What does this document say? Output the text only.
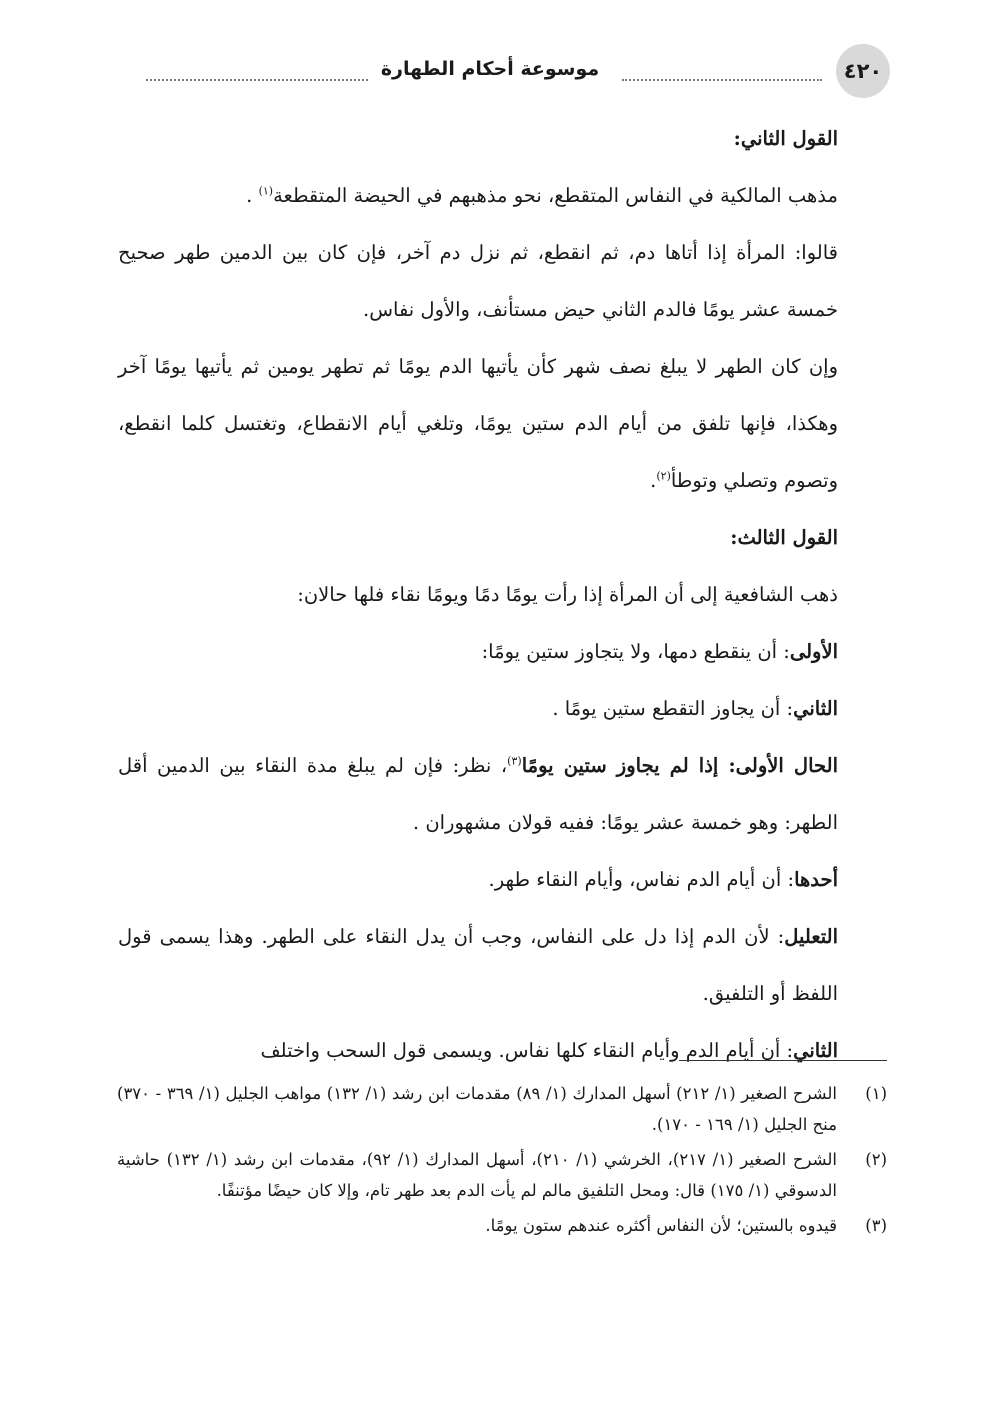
٤٢٠
موسوعة أحكام الطهارة

القول الثاني:

مذهب المالكية في النفاس المتقطع، نحو مذهبهم في الحيضة المتقطعة$^{(١)}$ .

قالوا: المرأة إذا أتاها دم، ثم انقطع، ثم نزل دم آخر، فإن كان بين الدمين طهر صحيح خمسة عشر يومًا فالدم الثاني حيض مستأنف، والأول نفاس.

وإن كان الطهر لا يبلغ نصف شهر كأن يأتيها الدم يومًا ثم تطهر يومين ثم يأتيها يومًا آخر وهكذا، فإنها تلفق من أيام الدم ستين يومًا، وتلغي أيام الانقطاع، وتغتسل كلما انقطع، وتصوم وتصلي وتوطأ$^{(٢)}$.

القول الثالث:

ذهب الشافعية إلى أن المرأة إذا رأت يومًا دمًا ويومًا نقاء فلها حالان:

الأولى: أن ينقطع دمها، ولا يتجاوز ستين يومًا:

الثاني: أن يجاوز التقطع ستين يومًا .

الحال الأولى: إذا لم يجاوز ستين يومًا$^{(٣)}$، نظر: فإن لم يبلغ مدة النقاء بين الدمين أقل الطهر: وهو خمسة عشر يومًا: ففيه قولان مشهوران .

أحدها: أن أيام الدم نفاس، وأيام النقاء طهر.

التعليل: لأن الدم إذا دل على النفاس، وجب أن يدل النقاء على الطهر. وهذا يسمى قول اللفظ أو التلفيق.

الثاني: أن أيام الدم وأيام النقاء كلها نفاس. ويسمى قول السحب واختلف

(١)
الشرح الصغير (١/ ٢١٢) أسهل المدارك (١/ ٨٩) مقدمات ابن رشد (١/ ١٣٢) مواهب الجليل (١/ ٣٦٩ - ٣٧٠) منح الجليل (١/ ١٦٩ - ١٧٠).
(٢)
الشرح الصغير (١/ ٢١٧)، الخرشي (١/ ٢١٠)، أسهل المدارك (١/ ٩٢)، مقدمات ابن رشد (١/ ١٣٢) حاشية الدسوقي (١/ ١٧٥) قال: ومحل التلفيق مالم لم يأت الدم بعد طهر تام، وإلا كان حيضًا مؤتنفًا.
(٣)
قيدوه بالستين؛ لأن النفاس أكثره عندهم ستون يومًا.
